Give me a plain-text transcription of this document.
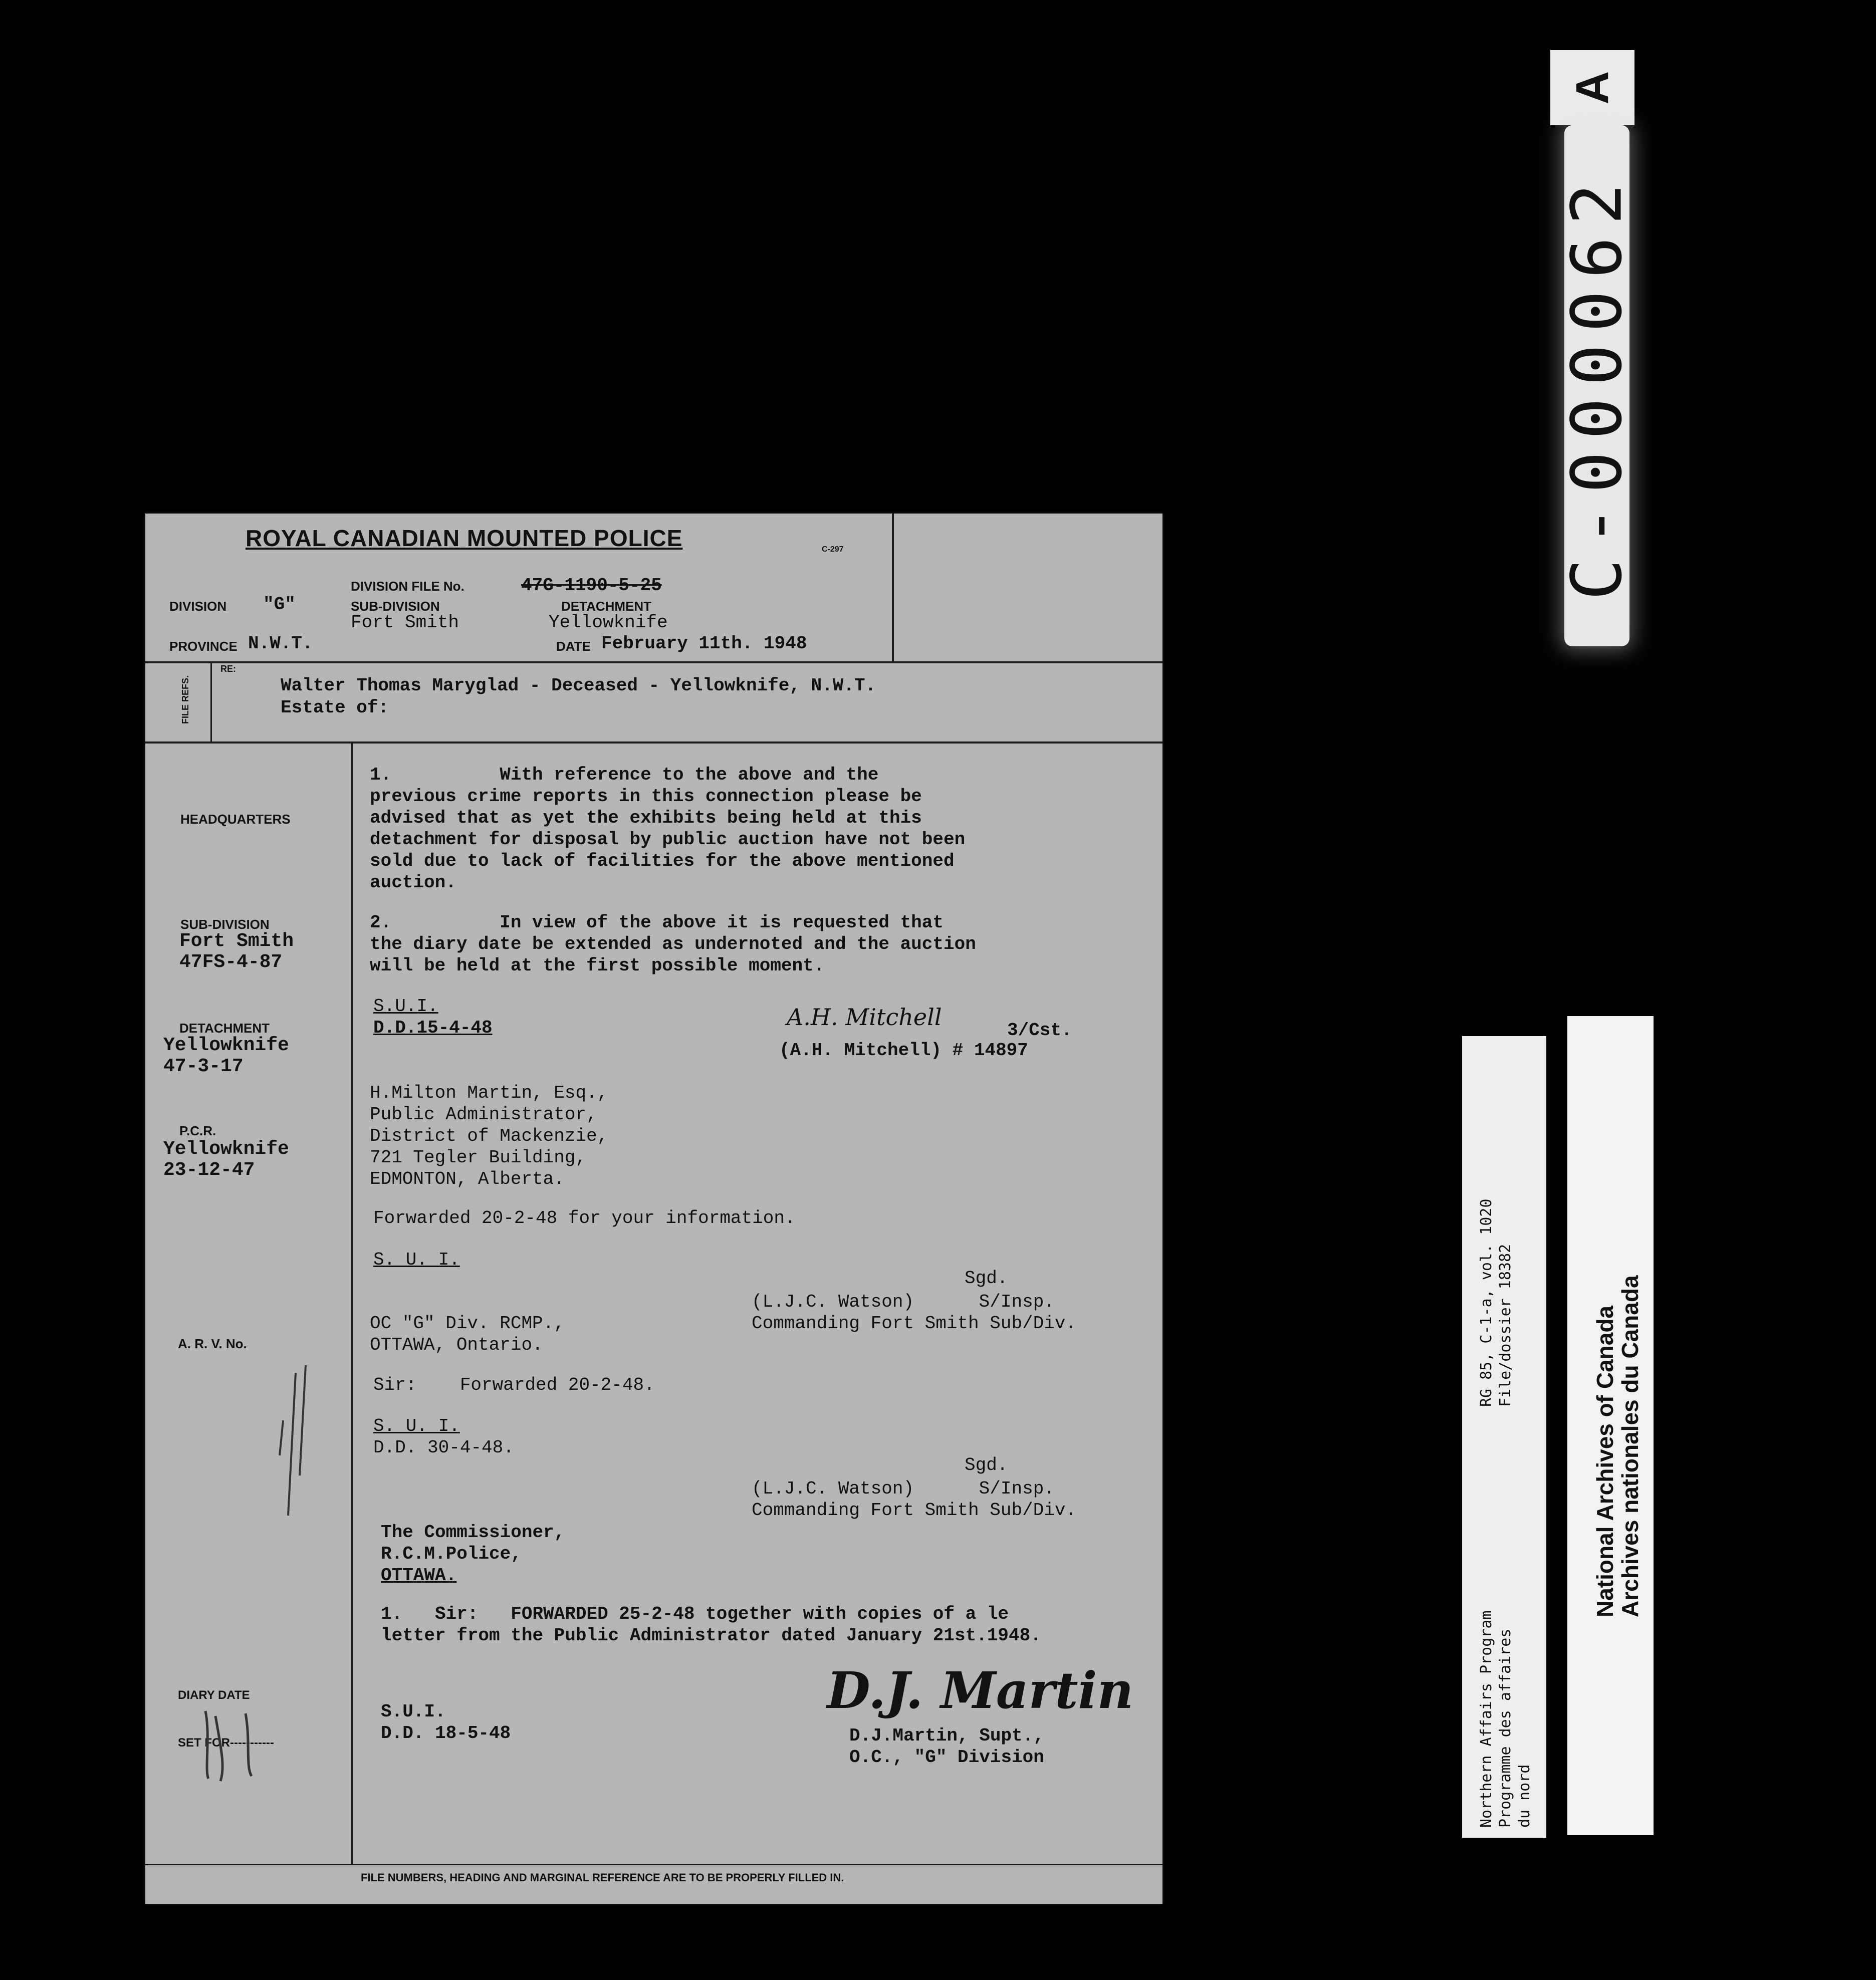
ROYAL CANADIAN MOUNTED POLICE	C-297
DIVISION "G"
DIVISION FILE No.	47G-1190-5-25
SUB-DIVISION
Fort Smith
DETACHMENT
Yellowknife
PROVINCE N.W.T.	DATE February 11th. 1948
FILE REFS.
RE:
Walter Thomas Maryglad - Deceased - Yellowknife, N.W.T.
Estate of:
HEADQUARTERS
SUB-DIVISION
Fort Smith
47FS-4-87
DETACHMENT
Yellowknife
47-3-17
P.C.R.
Yellowknife
23-12-47
A. R. V. No.
DIARY DATE
SET FOR-----------
1.          With reference to the above and the
previous crime reports in this connection please be
advised that as yet the exhibits being held at this
detachment for disposal by public auction have not been
sold due to lack of facilities for the above mentioned
auction.
2.          In view of the above it is requested that
the diary date be extended as undernoted and the auction
will be held at the first possible moment.
S.U.I.
D.D.15-4-48	A.H. Mitchell	3/Cst.
(A.H. Mitchell) # 14897
H.Milton Martin, Esq.,
Public Administrator,
District of Mackenzie,
721 Tegler Building,
EDMONTON, Alberta.
Forwarded 20-2-48 for your information.
S. U. I.
Sgd.
(L.J.C. Watson)      S/Insp.
Commanding Fort Smith Sub/Div.
OC "G" Div. RCMP.,
OTTAWA, Ontario.
Sir:    Forwarded 20-2-48.
S. U. I.
D.D. 30-4-48.
Sgd.
(L.J.C. Watson)      S/Insp.
Commanding Fort Smith Sub/Div.
The Commissioner,
R.C.M.Police,
OTTAWA.
1.   Sir:   FORWARDED 25-2-48 together with copies of a le
letter from the Public Administrator dated January 21st.1948.
D.J. Martin
S.U.I.
D.D. 18-5-48	D.J.Martin, Supt.,
O.C., "G" Division
FILE NUMBERS, HEADING AND MARGINAL REFERENCE ARE TO BE PROPERLY FILLED IN.
A
C-000062
Northern Affairs Program Programme des affaires du nord
RG 85, C-1-a, vol. 1020 File/dossier 18382	National Archives of Canada
Archives nationales du Canada
